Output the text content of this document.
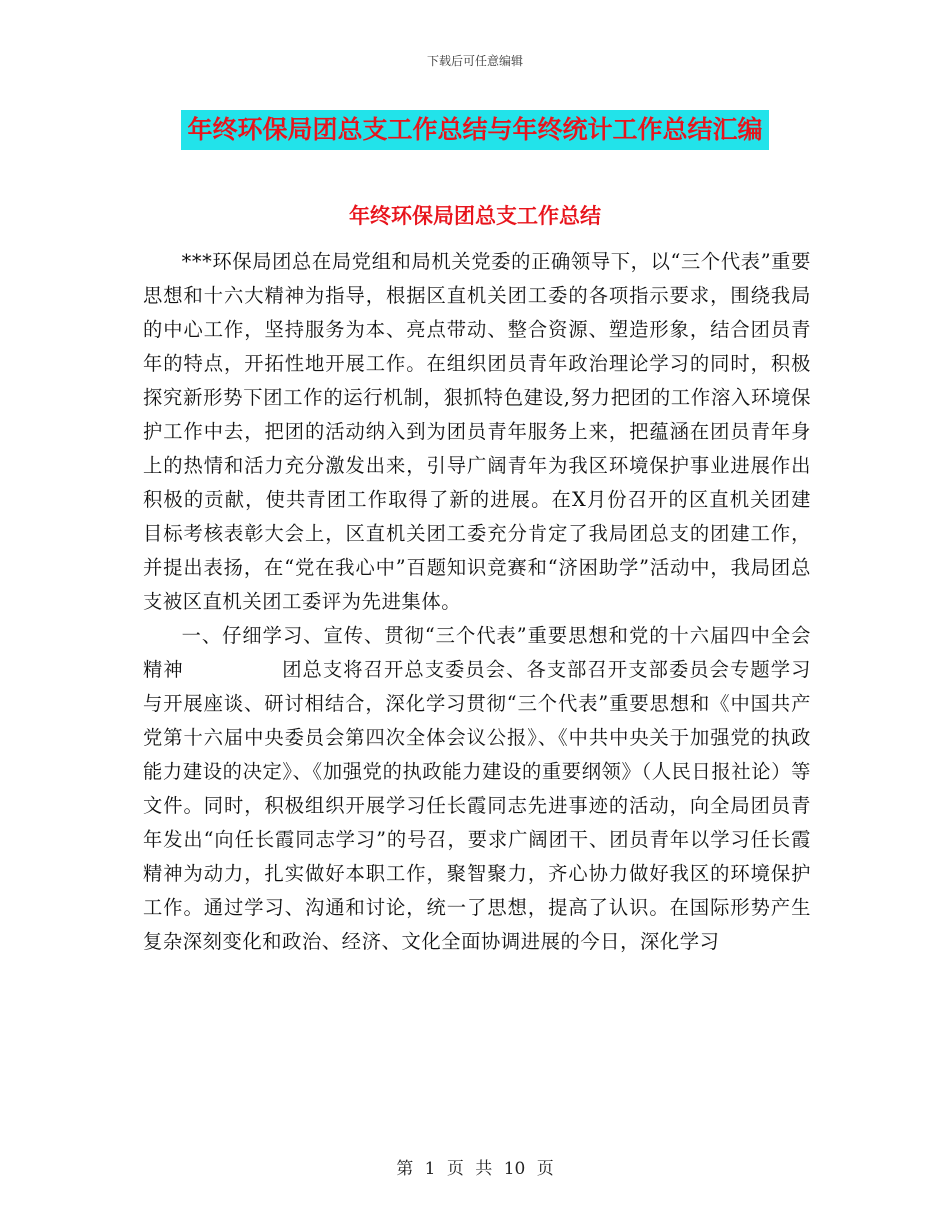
下载后可任意编辑
年终环保局团总支工作总结与年终统计工作总结汇编
年终环保局团总支工作总结

***环保局团总在局党组和局机关党委的正确领导下，以“三个代表”重要思想和十六大精神为指导，根据区直机关团工委的各项指示要求，围绕我局的中心工作，坚持服务为本、亮点带动、整合资源、塑造形象，结合团员青年的特点，开拓性地开展工作。在组织团员青年政治理论学习的同时，积极探究新形势下团工作的运行机制，狠抓特色建设,努力把团的工作溶入环境保护工作中去，把团的活动纳入到为团员青年服务上来，把蕴涵在团员青年身上的热情和活力充分激发出来，引导广阔青年为我区环境保护事业进展作出积极的贡献，使共青团工作取得了新的进展。在X月份召开的区直机关团建目标考核表彰大会上，区直机关团工委充分肯定了我局团总支的团建工作，并提出表扬，在“党在我心中”百题知识竞赛和“济困助学”活动中，我局团总支被区直机关团工委评为先进集体。

一、仔细学习、宣传、贯彻“三个代表”重要思想和党的十六届四中全会精神	团总支将召开总支委员会、各支部召开支部委员会专题学习与开展座谈、研讨相结合，深化学习贯彻“三个代表”重要思想和《中国共产党第十六届中央委员会第四次全体会议公报》、《中共中央关于加强党的执政能力建设的决定》、《加强党的执政能力建设的重要纲领》（人民日报社论）等文件。同时，积极组织开展学习任长霞同志先进事迹的活动，向全局团员青年发出“向任长霞同志学习”的号召，要求广阔团干、团员青年以学习任长霞精神为动力，扎实做好本职工作，聚智聚力，齐心协力做好我区的环境保护工作。通过学习、沟通和讨论，统一了思想，提高了认识。在国际形势产生复杂深刻变化和政治、经济、文化全面协调进展的今日，深化学习

第 1 页 共 10 页
